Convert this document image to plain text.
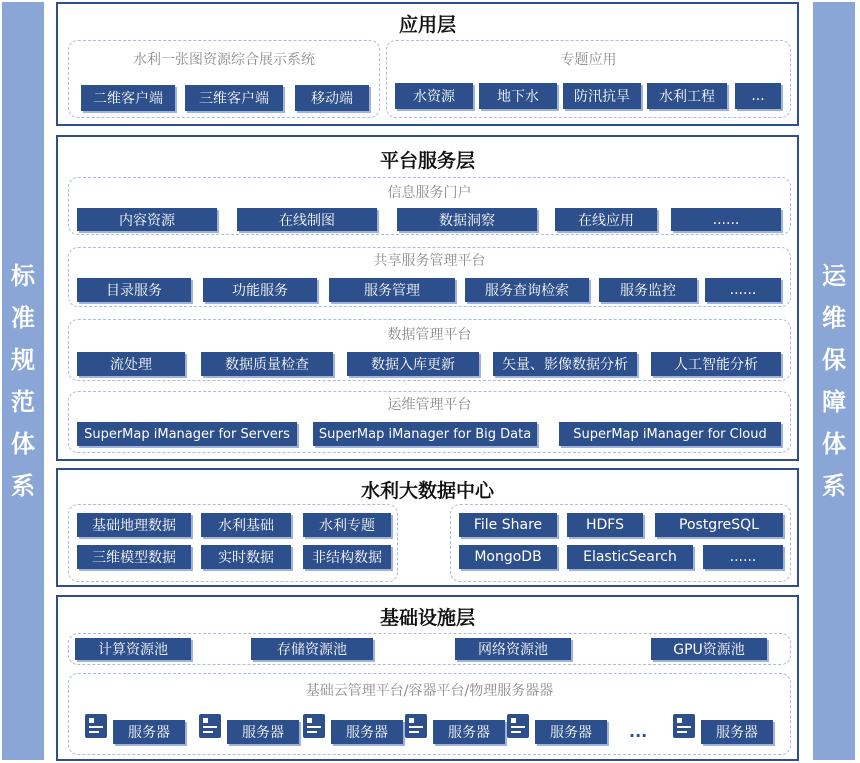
标
准
规
范
体
系
运
维
保
障
体
系
应用层
水利一张图资源综合展示系统
二维客户端	三维客户端	移动端
专题应用
水资源	地下水	防汛抗旱	水利工程	...
平台服务层
信息服务门户
内容资源	在线制图	数据洞察	在线应用	......
共享服务管理平台
目录服务	功能服务	服务管理	服务查询检索	服务监控	......
数据管理平台
流处理	数据质量检查	数据入库更新	矢量、影像数据分析	人工智能分析
运维管理平台
SuperMap iManager for Servers	SuperMap iManager for Big Data	SuperMap iManager for Cloud
水利大数据中心
基础地理数据	水利基础	水利专题
三维模型数据	实时数据	非结构数据
File Share	HDFS	PostgreSQL
MongoDB	ElasticSearch	......
基础设施层
计算资源池	存储资源池	网络资源池	GPU资源池
基础云管理平台/容器平台/物理服务器器
服务器	服务器	服务器	服务器	服务器	...	服务器
